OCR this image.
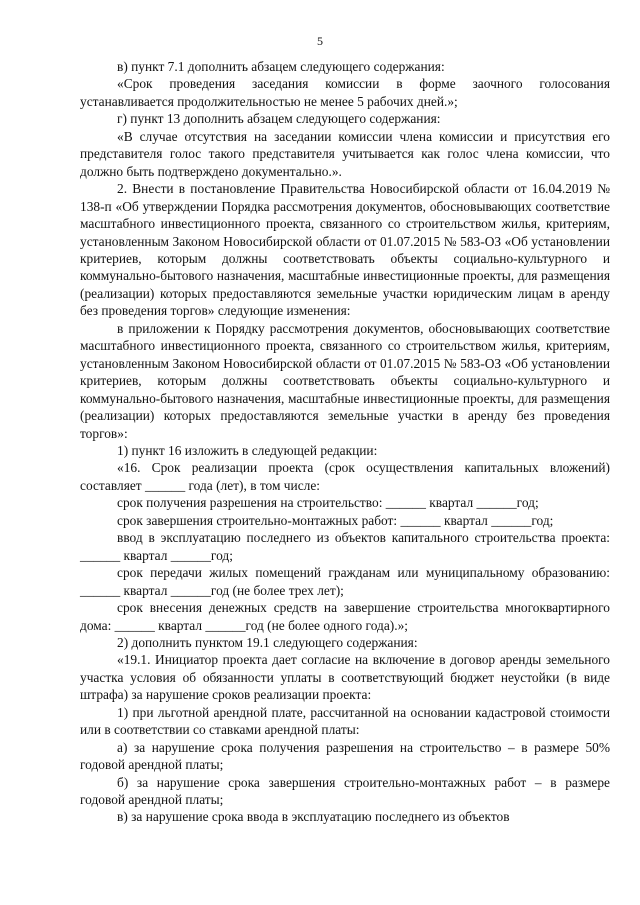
5

в) пункт 7.1 дополнить абзацем следующего содержания:

«Срок проведения заседания комиссии в форме заочного голосования устанавливается продолжительностью не менее 5 рабочих дней.»;

г) пункт 13 дополнить абзацем следующего содержания:

«В случае отсутствия на заседании комиссии члена комиссии и присутствия его представителя голос такого представителя учитывается как голос члена комиссии, что должно быть подтверждено документально.».

2. Внести в постановление Правительства Новосибирской области от 16.04.2019 № 138-п «Об утверждении Порядка рассмотрения документов, обосновывающих соответствие масштабного инвестиционного проекта, связанного со строительством жилья, критериям, установленным Законом Новосибирской области от 01.07.2015 № 583-ОЗ «Об установлении критериев, которым должны соответствовать объекты социально-культурного и коммунально-бытового назначения, масштабные инвестиционные проекты, для размещения (реализации) которых предоставляются земельные участки юридическим лицам в аренду без проведения торгов» следующие изменения:

в приложении к Порядку рассмотрения документов, обосновывающих соответствие масштабного инвестиционного проекта, связанного со строительством жилья, критериям, установленным Законом Новосибирской области от 01.07.2015 № 583-ОЗ «Об установлении критериев, которым должны соответствовать объекты социально-культурного и коммунально-бытового назначения, масштабные инвестиционные проекты, для размещения (реализации) которых предоставляются земельные участки в аренду без проведения торгов»:

1) пункт 16 изложить в следующей редакции:

«16. Срок реализации проекта (срок осуществления капитальных вложений) составляет ______ года (лет), в том числе:

срок получения разрешения на строительство: ______ квартал ______год;

срок завершения строительно-монтажных работ: ______ квартал ______год;

ввод в эксплуатацию последнего из объектов капитального строительства проекта: ______ квартал ______год;

срок передачи жилых помещений гражданам или муниципальному образованию: ______ квартал ______год (не более трех лет);

срок внесения денежных средств на завершение строительства многоквартирного дома: ______ квартал ______год (не более одного года).»;

2) дополнить пунктом 19.1 следующего содержания:

«19.1. Инициатор проекта дает согласие на включение в договор аренды земельного участка условия об обязанности уплаты в соответствующий бюджет неустойки (в виде штрафа) за нарушение сроков реализации проекта:

1) при льготной арендной плате, рассчитанной на основании кадастровой стоимости или в соответствии со ставками арендной платы:

а) за нарушение срока получения разрешения на строительство – в размере 50% годовой арендной платы;

б) за нарушение срока завершения строительно-монтажных работ – в размере годовой арендной платы;

в) за нарушение срока ввода в эксплуатацию последнего из объектов
